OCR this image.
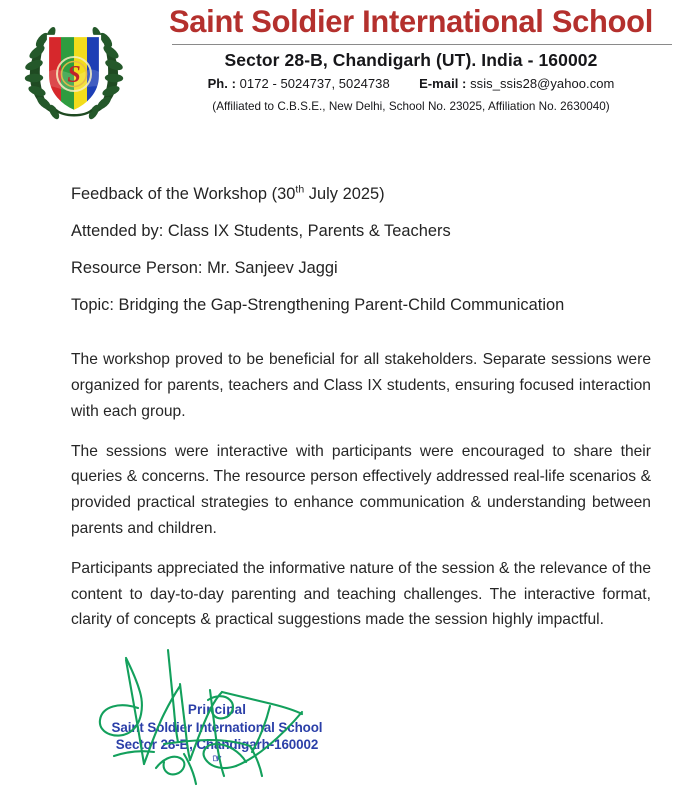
S
Saint Soldier International School
Sector 28-B, Chandigarh (UT). India - 160002
Ph. : 0172 - 5024737, 5024738 E-mail : ssis_ssis28@yahoo.com
(Affiliated to C.B.S.E., New Delhi, School No. 23025, Affiliation No. 2630040)
Feedback of the Workshop (30th July 2025)
Attended by: Class IX Students, Parents & Teachers
Resource Person: Mr. Sanjeev Jaggi
Topic: Bridging the Gap-Strengthening Parent-Child Communication

The workshop proved to be beneficial for all stakeholders. Separate sessions were organized for parents, teachers and Class IX students, ensuring focused interaction with each group.

The sessions were interactive with participants were encouraged to share their queries & concerns. The resource person effectively addressed real-life scenarios & provided practical strategies to enhance communication & understanding between parents and children.

Participants appreciated the informative nature of the session & the relevance of the content to day-to-day parenting and teaching challenges. The interactive format, clarity of concepts & practical suggestions made the session highly impactful.

Principal
Saint Soldier International School
Sector 28-B, Chandigarh-160002
☞
